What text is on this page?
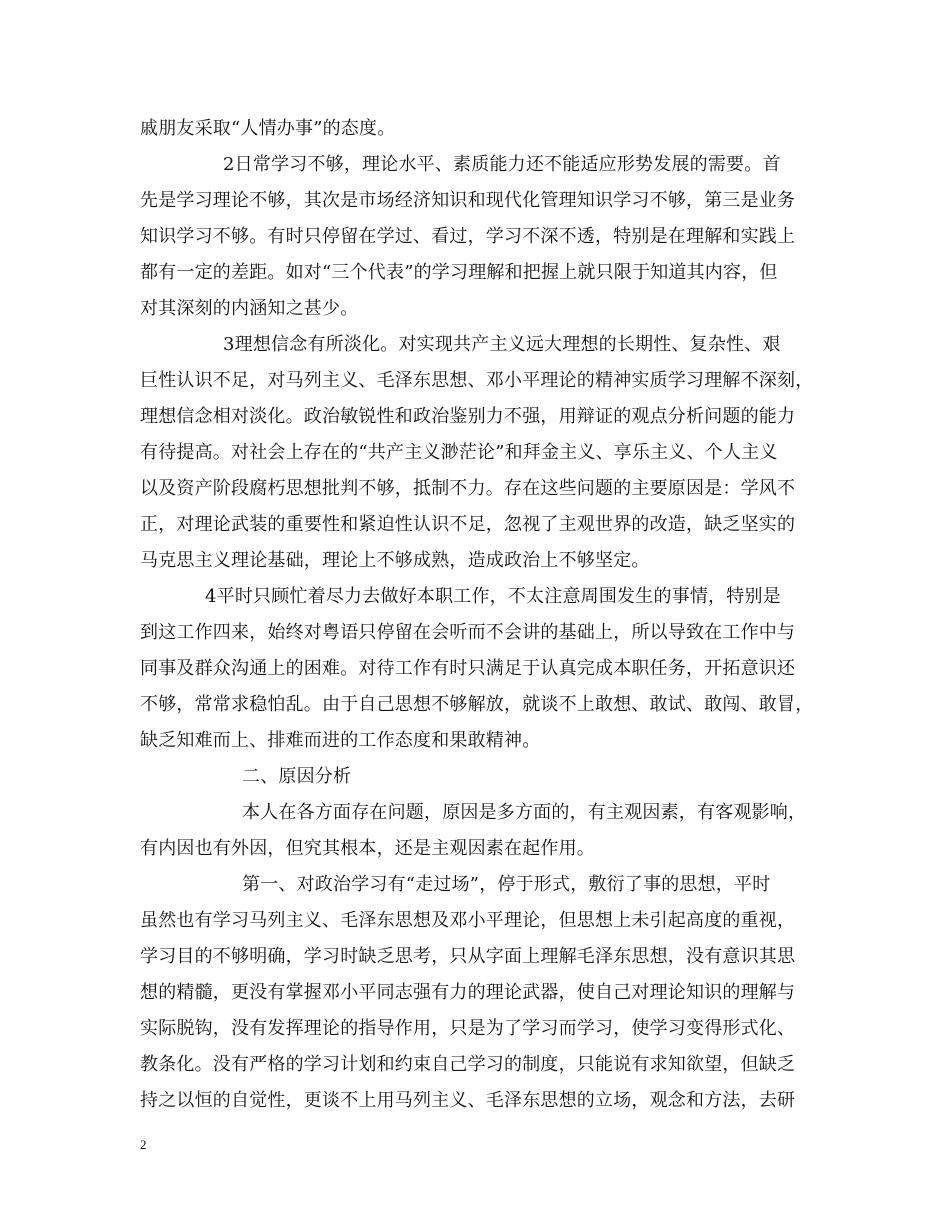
戚朋友采取“人情办事”的态度。
2日常学习不够，理论水平、素质能力还不能适应形势发展的需要。首
先是学习理论不够，其次是市场经济知识和现代化管理知识学习不够，第三是业务
知识学习不够。有时只停留在学过、看过，学习不深不透，特别是在理解和实践上
都有一定的差距。如对“三个代表”的学习理解和把握上就只限于知道其内容，但
对其深刻的内涵知之甚少。
3理想信念有所淡化。对实现共产主义远大理想的长期性、复杂性、艰
巨性认识不足，对马列主义、毛泽东思想、邓小平理论的精神实质学习理解不深刻，
理想信念相对淡化。政治敏锐性和政治鉴别力不强，用辩证的观点分析问题的能力
有待提高。对社会上存在的“共产主义渺茫论”和拜金主义、享乐主义、个人主义
以及资产阶段腐朽思想批判不够，抵制不力。存在这些问题的主要原因是：学风不
正，对理论武装的重要性和紧迫性认识不足，忽视了主观世界的改造，缺乏坚实的
马克思主义理论基础，理论上不够成熟，造成政治上不够坚定。
4平时只顾忙着尽力去做好本职工作，不太注意周围发生的事情，特别是
到这工作四来，始终对粤语只停留在会听而不会讲的基础上，所以导致在工作中与
同事及群众沟通上的困难。对待工作有时只满足于认真完成本职任务，开拓意识还
不够，常常求稳怕乱。由于自己思想不够解放，就谈不上敢想、敢试、敢闯、敢冒，
缺乏知难而上、排难而进的工作态度和果敢精神。
二、原因分析
本人在各方面存在问题，原因是多方面的，有主观因素，有客观影响，
有内因也有外因，但究其根本，还是主观因素在起作用。
第一、对政治学习有“走过场”，停于形式，敷衍了事的思想，平时
虽然也有学习马列主义、毛泽东思想及邓小平理论，但思想上未引起高度的重视，
学习目的不够明确，学习时缺乏思考，只从字面上理解毛泽东思想，没有意识其思
想的精髓，更没有掌握邓小平同志强有力的理论武器，使自己对理论知识的理解与
实际脱钩，没有发挥理论的指导作用，只是为了学习而学习，使学习变得形式化、
教条化。没有严格的学习计划和约束自己学习的制度，只能说有求知欲望，但缺乏
持之以恒的自觉性，更谈不上用马列主义、毛泽东思想的立场，观念和方法，去研
2
